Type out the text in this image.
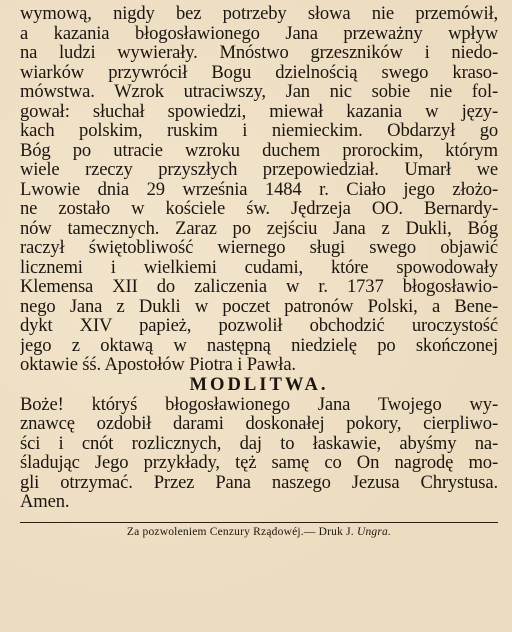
wymową, nigdy bez potrzeby słowa nie przemówił,
a kazania błogosławionego Jana przeważny wpływ
na ludzi wywierały. Mnóstwo grzeszników i niedo-
wiarków przywrócił Bogu dzielnością swego kraso-
mówstwa. Wzrok utraciwszy, Jan nic sobie nie fol-
gował: słuchał spowiedzi, miewał kazania w języ-
kach polskim, ruskim i niemieckim. Obdarzył go
Bóg po utracie wzroku duchem prorockim, którym
wiele rzeczy przyszłych przepowiedział. Umarł we
Lwowie dnia 29 września 1484 r. Ciało jego złożo-
ne zostało w kościele św. Jędrzeja OO. Bernardy-
nów tamecznych. Zaraz po zejściu Jana z Dukli, Bóg
raczył świętobliwość wiernego sługi swego objawić
licznemi i wielkiemi cudami, które spowodowały
Klemensa XII do zaliczenia w r. 1737 błogosławio-
nego Jana z Dukli w poczet patronów Polski, a Bene-
dykt XIV papież, pozwolił obchodzić uroczystość
jego z oktawą w następną niedzielę po skończonej
oktawie śś. Apostołów Piotra i Pawła.
MODLITWA.
Boże! któryś błogosławionego Jana Twojego wy-
znawcę ozdobił darami doskonałej pokory, cierpliwo-
ści i cnót rozlicznych, daj to łaskawie, abyśmy na-
śladując Jego przykłady, tęż samę co On nagrodę mo-
gli otrzymać. Przez Pana naszego Jezusa Chrystusa.
Amen.
Za pozwoleniem Cenzury Rządowéj.— Druk J. Ungra.
